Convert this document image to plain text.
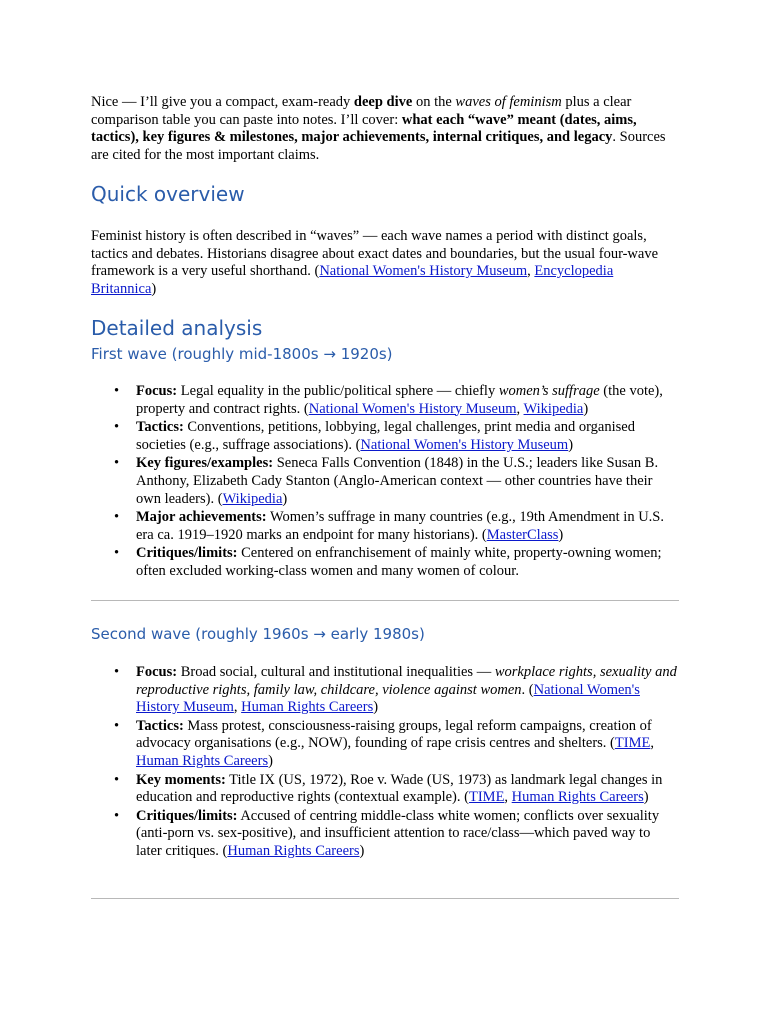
Nice — I’ll give you a compact, exam-ready deep dive on the waves of feminism plus a clear comparison table you can paste into notes. I’ll cover: what each “wave” meant (dates, aims, tactics), key figures & milestones, major achievements, internal critiques, and legacy. Sources are cited for the most important claims.

Quick overview

Feminist history is often described in “waves” — each wave names a period with distinct goals, tactics and debates. Historians disagree about exact dates and boundaries, but the usual four-wave framework is a very useful shorthand. (National Women's History Museum, Encyclopedia Britannica)

Detailed analysis
First wave (roughly mid-1800s → 1920s)
• Focus: Legal equality in the public/political sphere — chiefly women’s suffrage (the vote), property and contract rights. (National Women's History Museum, Wikipedia)
• Tactics: Conventions, petitions, lobbying, legal challenges, print media and organised societies (e.g., suffrage associations). (National Women's History Museum)
• Key figures/examples: Seneca Falls Convention (1848) in the U.S.; leaders like Susan B. Anthony, Elizabeth Cady Stanton (Anglo-American context — other countries have their own leaders). (Wikipedia)
• Major achievements: Women’s suffrage in many countries (e.g., 19th Amendment in U.S. era ca. 1919–1920 marks an endpoint for many historians). (MasterClass)
• Critiques/limits: Centered on enfranchisement of mainly white, property-owning women; often excluded working-class women and many women of colour.
Second wave (roughly 1960s → early 1980s)
• Focus: Broad social, cultural and institutional inequalities — workplace rights, sexuality and reproductive rights, family law, childcare, violence against women. (National Women's History Museum, Human Rights Careers)
• Tactics: Mass protest, consciousness-raising groups, legal reform campaigns, creation of advocacy organisations (e.g., NOW), founding of rape crisis centres and shelters. (TIME, Human Rights Careers)
• Key moments: Title IX (US, 1972), Roe v. Wade (US, 1973) as landmark legal changes in education and reproductive rights (contextual example). (TIME, Human Rights Careers)
• Critiques/limits: Accused of centring middle-class white women; conflicts over sexuality (anti-porn vs. sex-positive), and insufficient attention to race/class—which paved way to later critiques. (Human Rights Careers)
